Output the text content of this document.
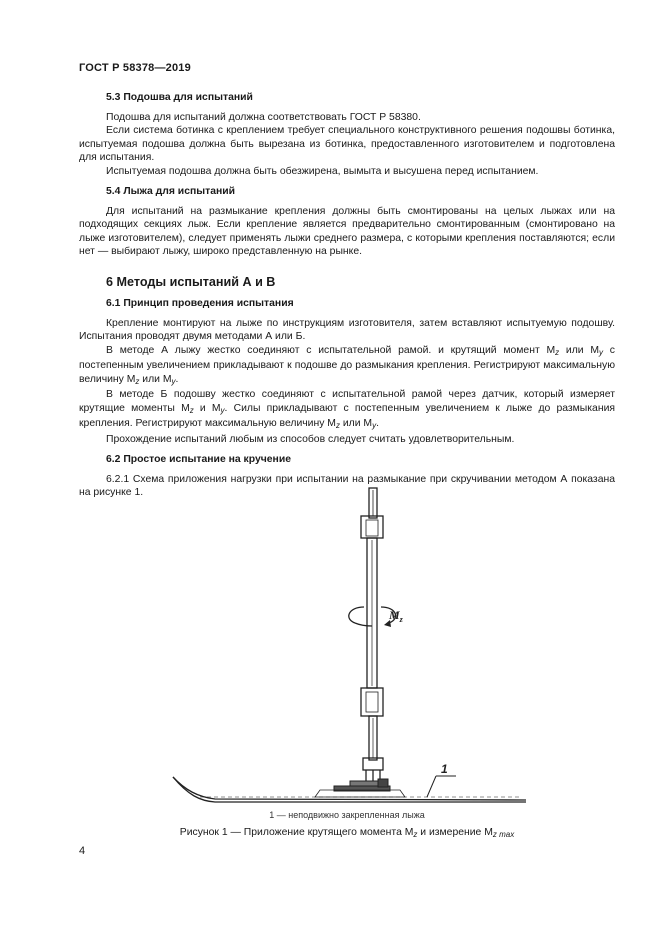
ГОСТ Р 58378—2019
5.3 Подошва для испытаний

Подошва для испытаний должна соответствовать ГОСТ Р 58380.

Если система ботинка с креплением требует специального конструктивного решения подошвы ботинка, испытуемая подошва должна быть вырезана из ботинка, предоставленного изготовителем и подготовлена для испытания.

Испытуемая подошва должна быть обезжирена, вымыта и высушена перед испытанием.

5.4 Лыжа для испытаний

Для испытаний на размыкание крепления должны быть смонтированы на целых лыжах или на подходящих секциях лыж. Если крепление является предварительно смонтированным (смонтировано на лыже изготовителем), следует применять лыжи среднего размера, с которыми крепления поставляются; если нет — выбирают лыжу, широко представленную на рынке.

6 Методы испытаний А и В
6.1 Принцип проведения испытания

Крепление монтируют на лыже по инструкциям изготовителя, затем вставляют испытуемую подошву. Испытания проводят двумя методами А или Б.

В методе А лыжу жестко соединяют с испытательной рамой. и крутящий момент $M_z$ или $M_y$ с постепенным увеличением прикладывают к подошве до размыкания крепления. Регистрируют максимальную величину $M_z$ или $M_y$.

В методе Б подошву жестко соединяют с испытательной рамой через датчик, который измеряет крутящие моменты $M_z$ и $M_y$. Силы прикладывают с постепенным увеличением к лыже до размыкания крепления. Регистрируют максимальную величину $M_z$ или $M_y$.

Прохождение испытаний любым из способов следует считать удовлетворительным.

6.2 Простое испытание на кручение

6.2.1 Схема приложения нагрузки при испытании на размыкание при скручивании методом А показана на рисунке 1.

$M_z$
1
1 — неподвижно закрепленная лыжа
Рисунок 1 — Приложение крутящего момента $M_z$ и измерение $M_{z max}$
4
